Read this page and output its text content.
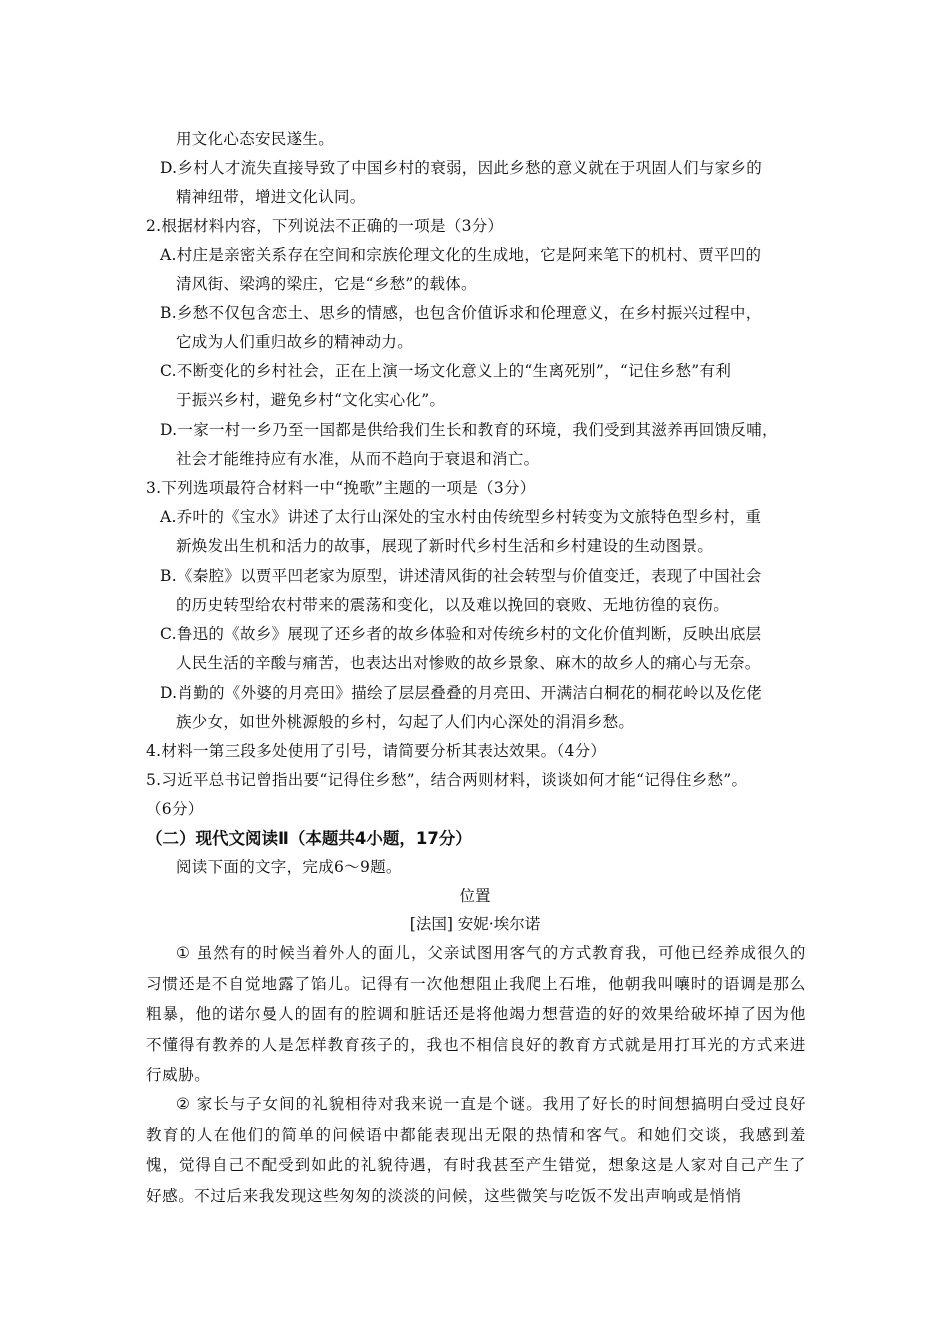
用文化心态安民遂生。
D.乡村人才流失直接导致了中国乡村的衰弱，因此乡愁的意义就在于巩固人们与家乡的
精神纽带，增进文化认同。
2.根据材料内容，下列说法不正确的一项是（3分）
A.村庄是亲密关系存在空间和宗族伦理文化的生成地，它是阿来笔下的机村、贾平凹的
清风街、梁鸿的梁庄，它是“乡愁”的载体。
B.乡愁不仅包含恋土、思乡的情感，也包含价值诉求和伦理意义，在乡村振兴过程中，
它成为人们重归故乡的精神动力。
C.不断变化的乡村社会，正在上演一场文化意义上的“生离死别”，“记住乡愁”有利
于振兴乡村，避免乡村“文化实心化”。
D.一家一村一乡乃至一国都是供给我们生长和教育的环境，我们受到其滋养再回馈反哺，
社会才能维持应有水准，从而不趋向于衰退和消亡。
3.下列选项最符合材料一中“挽歌”主题的一项是（3分）
A.乔叶的《宝水》讲述了太行山深处的宝水村由传统型乡村转变为文旅特色型乡村，重
新焕发出生机和活力的故事，展现了新时代乡村生活和乡村建设的生动图景。
B.《秦腔》以贾平凹老家为原型，讲述清风街的社会转型与价值变迁，表现了中国社会
的历史转型给农村带来的震荡和变化，以及难以挽回的衰败、无地彷徨的哀伤。
C.鲁迅的《故乡》展现了还乡者的故乡体验和对传统乡村的文化价值判断，反映出底层
人民生活的辛酸与痛苦，也表达出对惨败的故乡景象、麻木的故乡人的痛心与无奈。
D.肖勤的《外婆的月亮田》描绘了层层叠叠的月亮田、开满洁白桐花的桐花岭以及仡佬
族少女，如世外桃源般的乡村，勾起了人们内心深处的涓涓乡愁。
4.材料一第三段多处使用了引号，请简要分析其表达效果。（4分）
5.习近平总书记曾指出要“记得住乡愁”，结合两则材料，谈谈如何才能“记得住乡愁”。
（6分）
（二）现代文阅读Ⅱ（本题共4小题，17分）
阅读下面的文字，完成6～9题。
位置
[法国] 安妮·埃尔诺
① 虽然有的时候当着外人的面儿，父亲试图用客气的方式教育我，可他已经养成很久的习惯还是不自觉地露了馅儿。记得有一次他想阻止我爬上石堆，他朝我叫嚷时的语调是那么粗暴，他的诺尔曼人的固有的腔调和脏话还是将他竭力想营造的好的效果给破坏掉了因为他不懂得有教养的人是怎样教育孩子的，我也不相信良好的教育方式就是用打耳光的方式来进行威胁。
② 家长与子女间的礼貌相待对我来说一直是个谜。我用了好长的时间想搞明白受过良好教育的人在他们的简单的问候语中都能表现出无限的热情和客气。和她们交谈，我感到羞愧，觉得自己不配受到如此的礼貌待遇，有时我甚至产生错觉，想象这是人家对自己产生了好感。不过后来我发现这些匆匆的淡淡的问候，这些微笑与吃饭不发出声响或是悄悄
